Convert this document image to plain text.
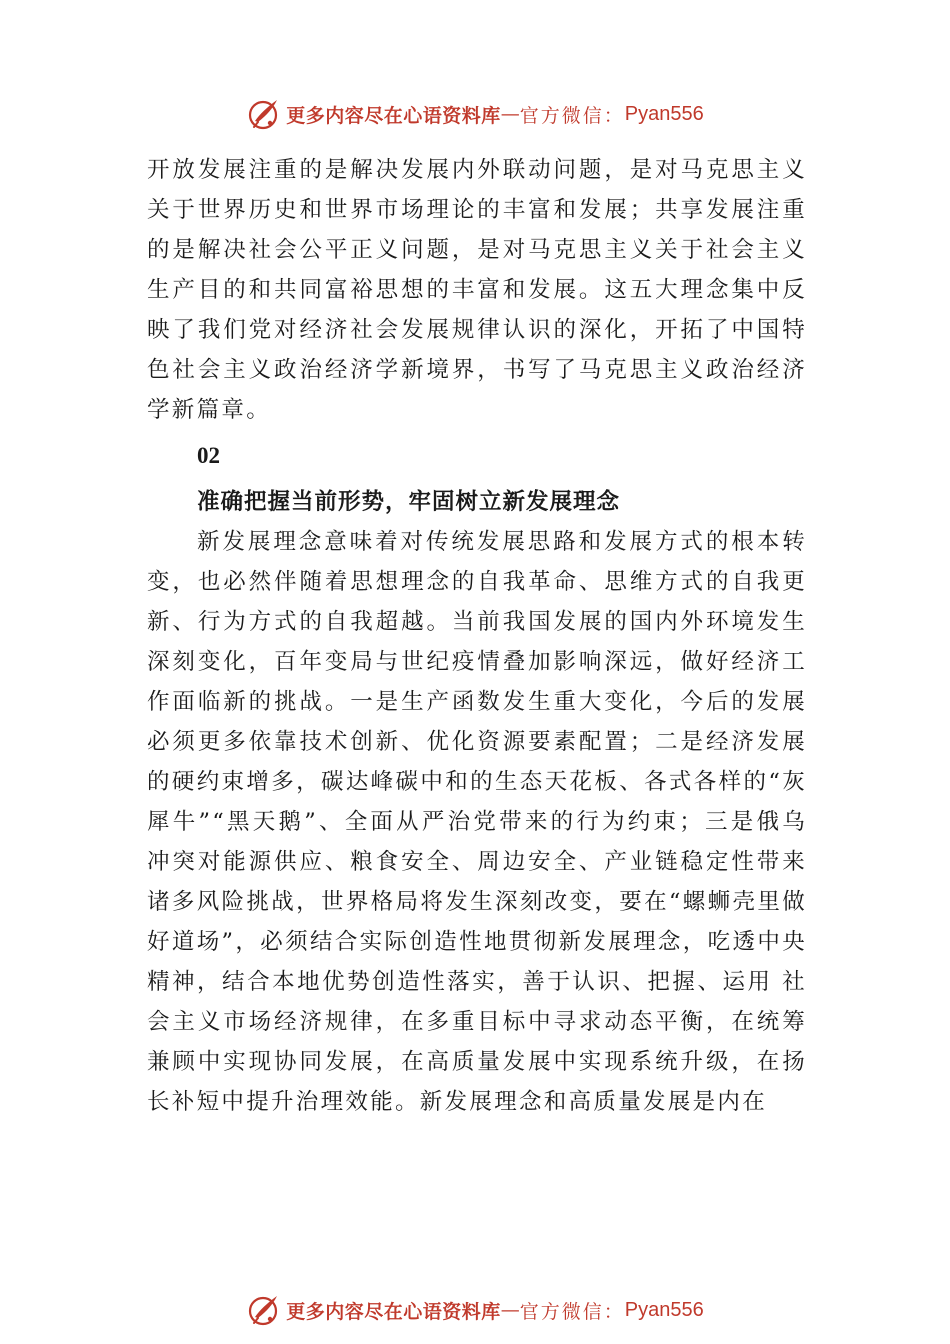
更多内容尽在心语资料库 — 官方微信： Pyan556

开放发展注重的是解决发展内外联动问题，是对马克思主义关于世界历史和世界市场理论的丰富和发展；共享发展注重的是解决社会公平正义问题，是对马克思主义关于社会主义生产目的和共同富裕思想的丰富和发展。这五大理念集中反映了我们党对经济社会发展规律认识的深化，开拓了中国特色社会主义政治经济学新境界，书写了马克思主义政治经济学新篇章。

02

准确把握当前形势，牢固树立新发展理念

新发展理念意味着对传统发展思路和发展方式的根本转变，也必然伴随着思想理念的自我革命、思维方式的自我更新、行为方式的自我超越。当前我国发展的国内外环境发生深刻变化，百年变局与世纪疫情叠加影响深远，做好经济工作面临新的挑战。一是生产函数发生重大变化，今后的发展必须更多依靠技术创新、优化资源要素配置；二是经济发展的硬约束增多，碳达峰碳中和的生态天花板、各式各样的“灰犀牛”“黑天鹅”、全面从严治党带来的行为约束；三是俄乌冲突对能源供应、粮食安全、周边安全、产业链稳定性带来诸多风险挑战，世界格局将发生深刻改变，要在“螺蛳壳里做好道场”，必须结合实际创造性地贯彻新发展理念，吃透中央精神，结合本地优势创造性落实，善于认识、把握、运用 社会主义市场经济规律，在多重目标中寻求动态平衡，在统筹兼顾中实现协同发展，在高质量发展中实现系统升级，在扬长补短中提升治理效能。新发展理念和高质量发展是内在

更多内容尽在心语资料库 — 官方微信： Pyan556
